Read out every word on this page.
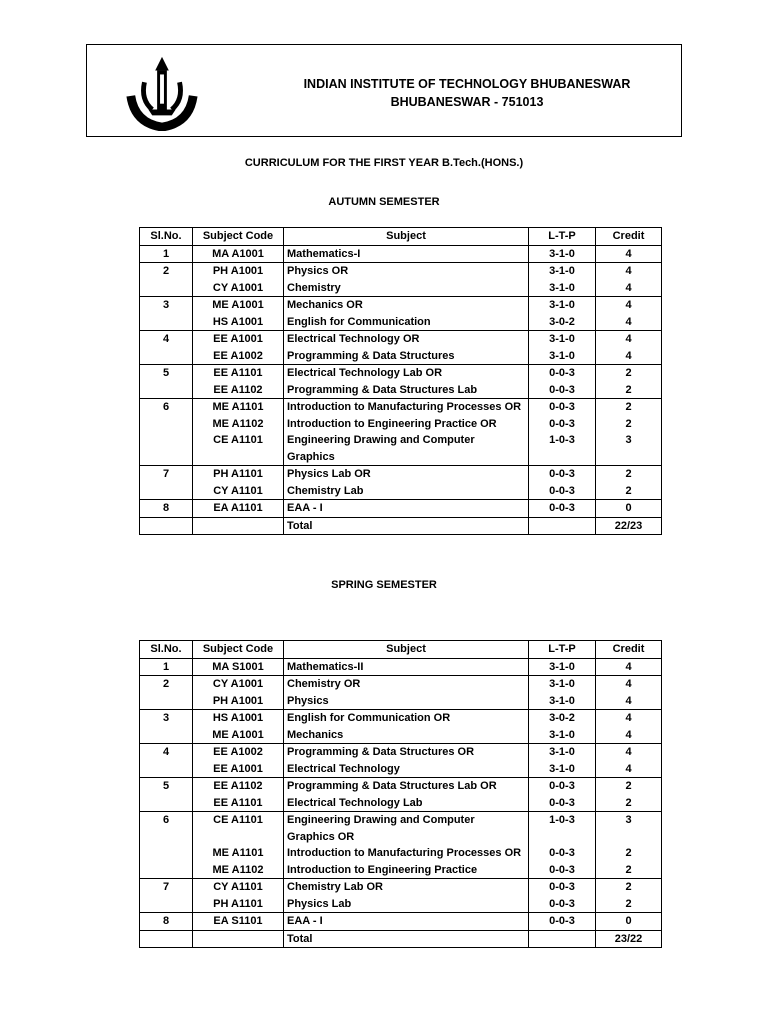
INDIAN INSTITUTE OF TECHNOLOGY BHUBANESWAR
BHUBANESWAR - 751013
CURRICULUM FOR THE FIRST YEAR B.Tech.(HONS.)
AUTUMN SEMESTER
Sl.No.	Subject Code	Subject	L-T-P	Credit
1	MA A1001	Mathematics-I	3-1-0	4
2	PH A1001	Physics OR	3-1-0	4
	CY A1001	Chemistry	3-1-0	4
3	ME A1001	Mechanics OR	3-1-0	4
	HS A1001	English for Communication	3-0-2	4
4	EE A1001	Electrical Technology OR	3-1-0	4
	EE A1002	Programming & Data Structures	3-1-0	4
5	EE A1101	Electrical Technology Lab OR	0-0-3	2
	EE A1102	Programming & Data Structures Lab	0-0-3	2
6	ME A1101	Introduction to Manufacturing Processes OR	0-0-3	2
	ME A1102	Introduction to Engineering Practice OR	0-0-3	2
	CE A1101	Engineering Drawing and Computer Graphics	1-0-3	3
7	PH A1101	Physics Lab OR	0-0-3	2
	CY A1101	Chemistry Lab	0-0-3	2
8	EA A1101	EAA - I	0-0-3	0
		Total		22/23
SPRING SEMESTER
Sl.No.	Subject Code	Subject	L-T-P	Credit
1	MA S1001	Mathematics-II	3-1-0	4
2	CY A1001	Chemistry OR	3-1-0	4
	PH A1001	Physics	3-1-0	4
3	HS A1001	English for Communication OR	3-0-2	4
	ME A1001	Mechanics	3-1-0	4
4	EE A1002	Programming & Data Structures OR	3-1-0	4
	EE A1001	Electrical Technology	3-1-0	4
5	EE A1102	Programming & Data Structures Lab OR	0-0-3	2
	EE A1101	Electrical Technology Lab	0-0-3	2
6	CE A1101	Engineering Drawing and Computer Graphics OR	1-0-3	3
	ME A1101	Introduction to Manufacturing Processes OR	0-0-3	2
	ME A1102	Introduction to Engineering Practice	0-0-3	2
7	CY A1101	Chemistry Lab OR	0-0-3	2
	PH A1101	Physics Lab	0-0-3	2
8	EA S1101	EAA - I	0-0-3	0
		Total		23/22
